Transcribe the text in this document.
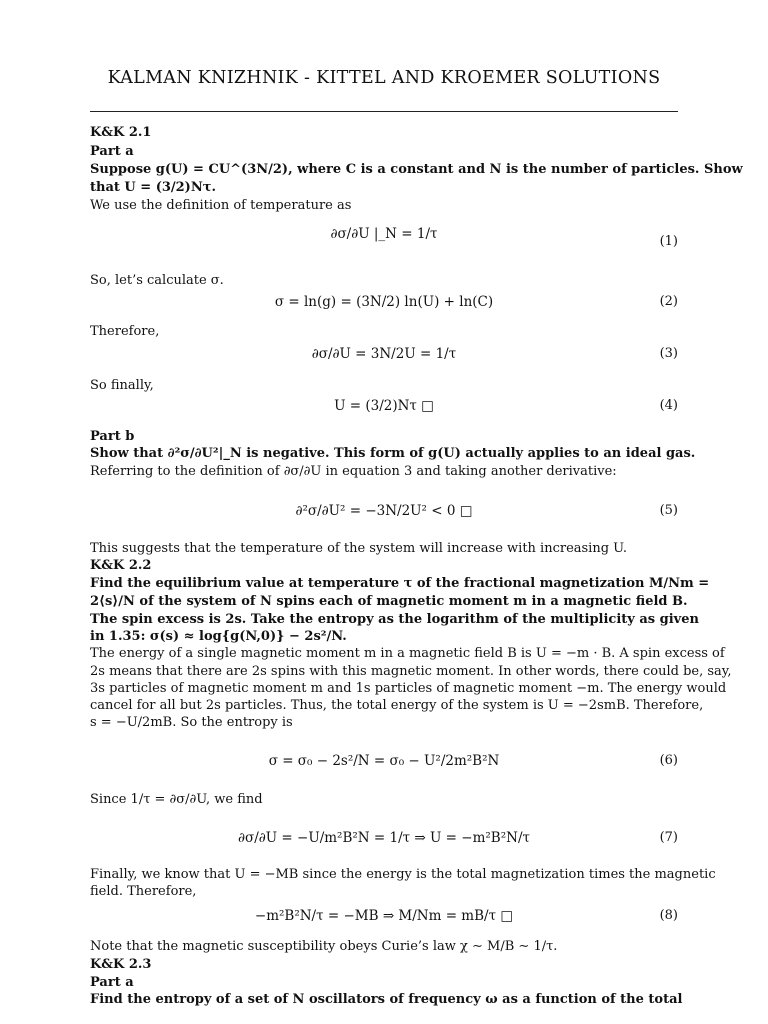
KALMAN KNIZHNIK - KITTEL AND KROEMER SOLUTIONS
K&K 2.1
Part a
Suppose g(U) = CU^(3N/2), where C is a constant and N is the number of particles. Show
that U = (3/2)Nτ.
We use the definition of temperature as
∂σ/∂U |_N = 1/τ	(1)
So, let’s calculate σ.
σ = ln(g) = (3N/2) ln(U) + ln(C)	(2)
Therefore,
∂σ/∂U = 3N/2U = 1/τ	(3)
So finally,
U = (3/2)Nτ □	(4)
Part b
Show that ∂²σ/∂U²|_N is negative. This form of g(U) actually applies to an ideal gas.
Referring to the definition of ∂σ/∂U in equation 3 and taking another derivative:
∂²σ/∂U² = −3N/2U² < 0 □	(5)
This suggests that the temperature of the system will increase with increasing U.
K&K 2.2
Find the equilibrium value at temperature τ of the fractional magnetization M/Nm =
2⟨s⟩/N of the system of N spins each of magnetic moment m in a magnetic field B.
The spin excess is 2s. Take the entropy as the logarithm of the multiplicity as given
in 1.35: σ(s) ≈ log{g(N,0)} − 2s²/N.
The energy of a single magnetic moment m in a magnetic field B is U = −m · B. A spin excess of
2s means that there are 2s spins with this magnetic moment. In other words, there could be, say,
3s particles of magnetic moment m and 1s particles of magnetic moment −m. The energy would
cancel for all but 2s particles. Thus, the total energy of the system is U = −2smB. Therefore,
s = −U/2mB. So the entropy is
σ = σ₀ − 2s²/N = σ₀ − U²/2m²B²N	(6)
Since 1/τ = ∂σ/∂U, we find
∂σ/∂U = −U/m²B²N = 1/τ ⇒ U = −m²B²N/τ	(7)
Finally, we know that U = −MB since the energy is the total magnetization times the magnetic
field. Therefore,
−m²B²N/τ = −MB ⇒ M/Nm = mB/τ □	(8)
Note that the magnetic susceptibility obeys Curie’s law χ ∼ M/B ∼ 1/τ.
K&K 2.3
Part a
Find the entropy of a set of N oscillators of frequency ω as a function of the total
